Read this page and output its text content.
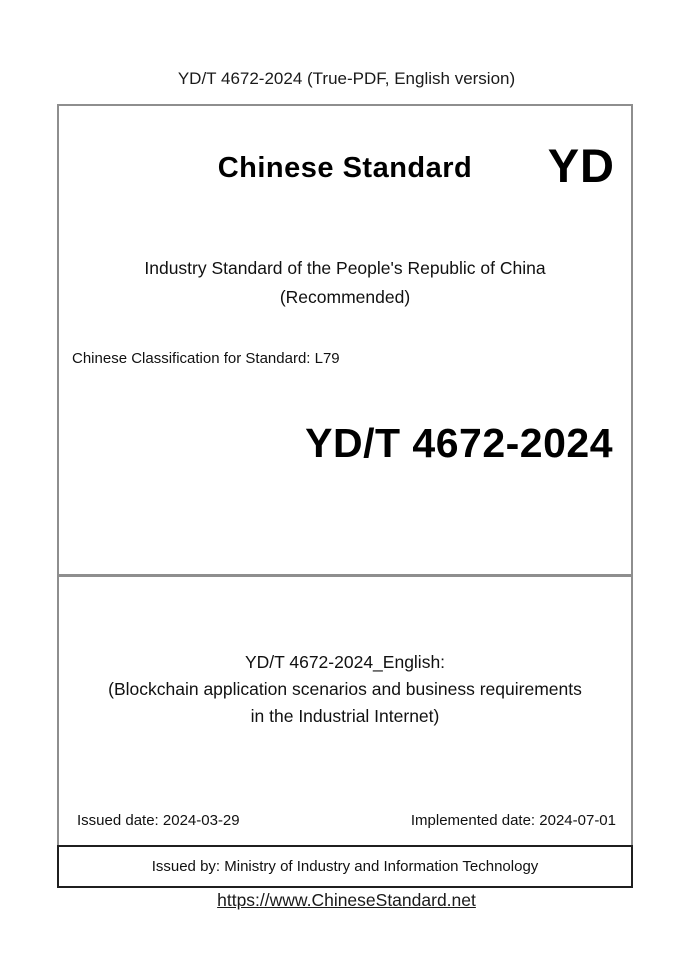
YD/T 4672-2024 (True-PDF, English version)
Chinese Standard	YD
Industry Standard of the People's Republic of China
(Recommended)
Chinese Classification for Standard: L79
YD/T 4672-2024
YD/T 4672-2024_English:
(Blockchain application scenarios and business requirements
in the Industrial Internet)
Issued date: 2024-03-29	Implemented date: 2024-07-01
Issued by: Ministry of Industry and Information Technology
https://www.ChineseStandard.net
